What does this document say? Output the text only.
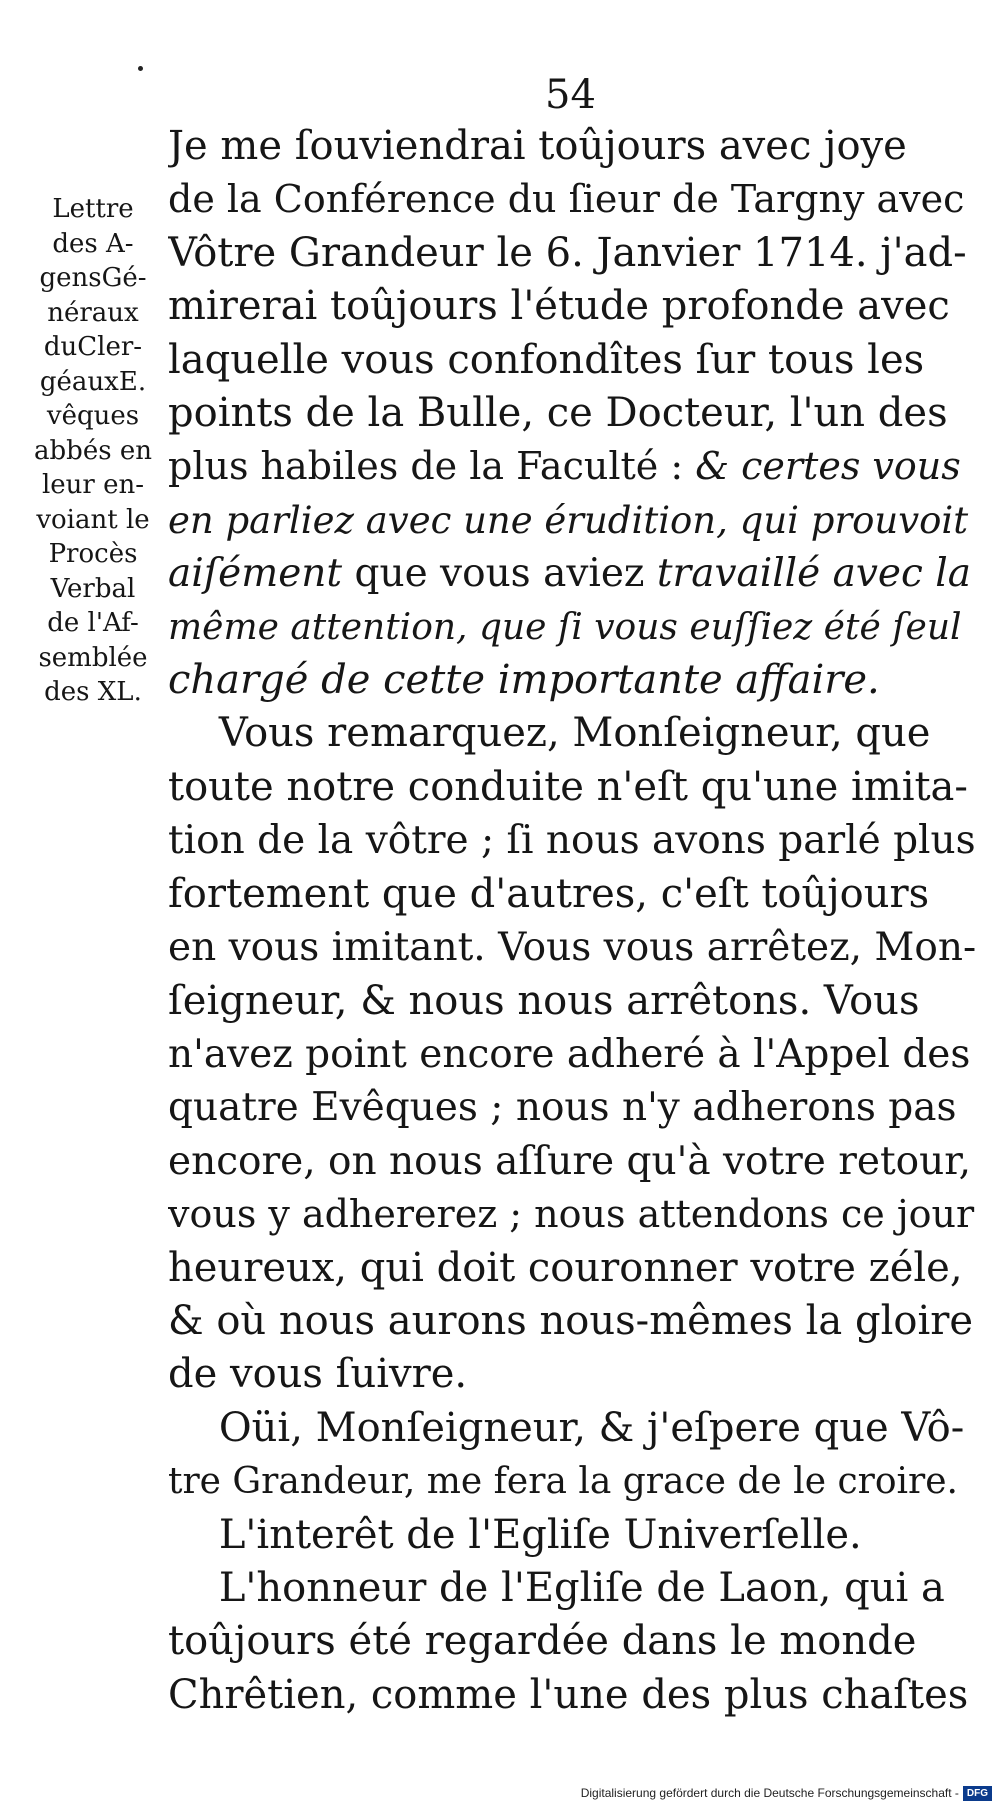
54
Lettre
des A-
gensGé-
néraux
duCler-
géauxE.
vêques
abbés en
leur en-
voiant le
Procès
Verbal
de l'Af-
semblée
des XL.
Je me ſouviendrai toûjours avec joye
de la Conférence du ſieur de Targny avec
Vôtre Grandeur le 6. Janvier 1714. j'ad-
mirerai toûjours l'étude profonde avec
laquelle vous confondîtes ſur tous les
points de la Bulle, ce Docteur, l'un des
plus habiles de la Faculté : & certes vous
en parliez avec une érudition, qui prouvoit
aiſément que vous aviez travaillé avec la
même attention, que ſi vous euſſiez été ſeul
chargé de cette importante affaire.
Vous remarquez, Monſeigneur, que
toute notre conduite n'eſt qu'une imita-
tion de la vôtre ; ſi nous avons parlé plus
fortement que d'autres, c'eſt toûjours
en vous imitant. Vous vous arrêtez, Mon-
ſeigneur, & nous nous arrêtons. Vous
n'avez point encore adheré à l'Appel des
quatre Evêques ; nous n'y adherons pas
encore, on nous aſſure qu'à votre retour,
vous y adhererez ; nous attendons ce jour
heureux, qui doit couronner votre zéle,
& où nous aurons nous-mêmes la gloire
de vous ſuivre.
Oüi, Monſeigneur, & j'eſpere que Vô-
tre Grandeur, me fera la grace de le croire.
L'interêt de l'Egliſe Univerſelle.
L'honneur de l'Egliſe de Laon, qui a
toûjours été regardée dans le monde
Chrêtien, comme l'une des plus chaſtes
Digitalisierung gefördert durch die Deutsche Forschungsgemeinschaft - DFG
